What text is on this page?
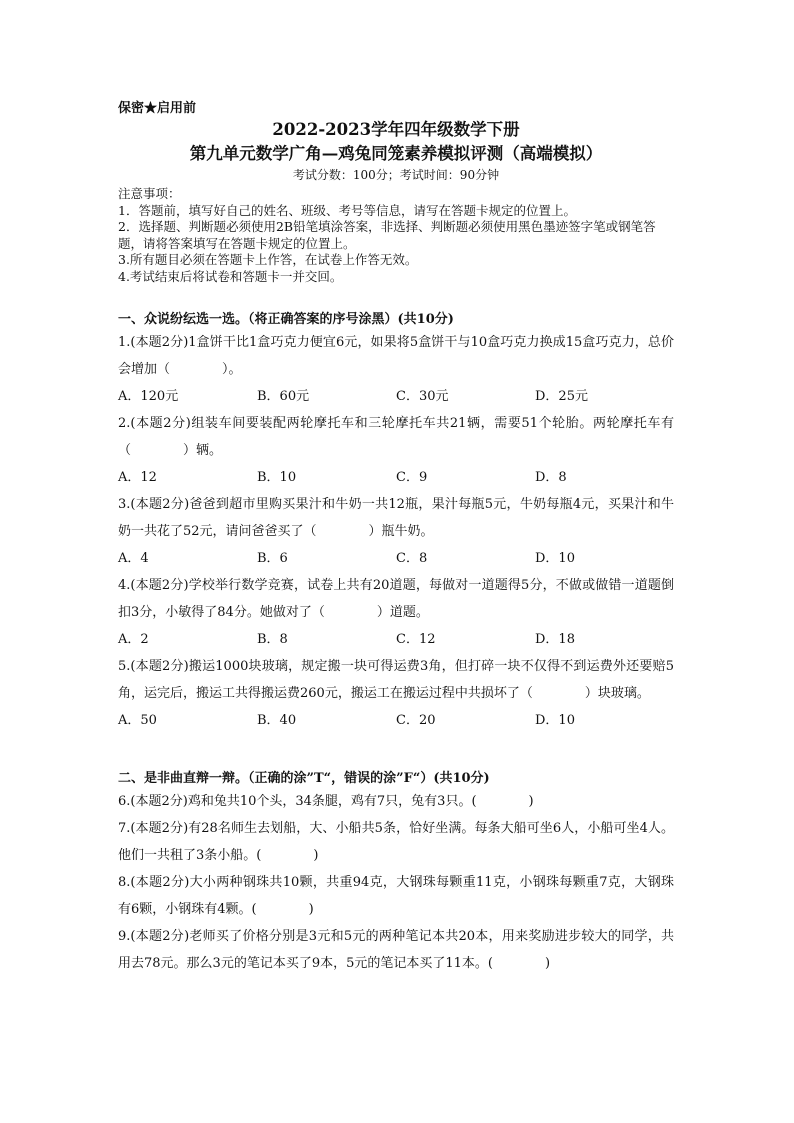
保密★启用前
2022-2023学年四年级数学下册
第九单元数学广角—鸡兔同笼素养模拟评测（高端模拟）
考试分数：100分；考试时间：90分钟
注意事项：
1．答题前，填写好自己的姓名、班级、考号等信息，请写在答题卡规定的位置上。
2．选择题、判断题必须使用2B铅笔填涂答案，非选择、判断题必须使用黑色墨迹签字笔或钢笔答题，请将答案填写在答题卡规定的位置上。
3.所有题目必须在答题卡上作答，在试卷上作答无效。
4.考试结束后将试卷和答题卡一并交回。
一、众说纷纭选一选。（将正确答案的序号涂黑）(共10分)
1.(本题2分)1盒饼干比1盒巧克力便宜6元，如果将5盒饼干与10盒巧克力换成15盒巧克力，总价会增加（　　　　）。
A．120元	B．60元	C．30元	D．25元
2.(本题2分)组装车间要装配两轮摩托车和三轮摩托车共21辆，需要51个轮胎。两轮摩托车有（　　　　）辆。
A．12	B．10	C．9	D．8
3.(本题2分)爸爸到超市里购买果汁和牛奶一共12瓶，果汁每瓶5元，牛奶每瓶4元，买果汁和牛奶一共花了52元，请问爸爸买了（　　　　）瓶牛奶。
A．4	B．6	C．8	D．10
4.(本题2分)学校举行数学竞赛，试卷上共有20道题，每做对一道题得5分，不做或做错一道题倒扣3分，小敏得了84分。她做对了（　　　　）道题。
A．2	B．8	C．12	D．18
5.(本题2分)搬运1000块玻璃，规定搬一块可得运费3角，但打碎一块不仅得不到运费外还要赔5角，运完后，搬运工共得搬运费260元，搬运工在搬运过程中共损坏了（　　　　）块玻璃。
A．50	B．40	C．20	D．10
二、是非曲直辩一辩。（正确的涂”T“，错误的涂”F“）(共10分)
6.(本题2分)鸡和兔共10个头，34条腿，鸡有7只，兔有3只。(　　　　)
7.(本题2分)有28名师生去划船，大、小船共5条，恰好坐满。每条大船可坐6人，小船可坐4人。他们一共租了3条小船。(　　　　)
8.(本题2分)大小两种钢珠共10颗，共重94克，大钢珠每颗重11克，小钢珠每颗重7克，大钢珠有6颗，小钢珠有4颗。(　　　　)
9.(本题2分)老师买了价格分别是3元和5元的两种笔记本共20本，用来奖励进步较大的同学，共用去78元。那么3元的笔记本买了9本，5元的笔记本买了11本。(　　　　)
